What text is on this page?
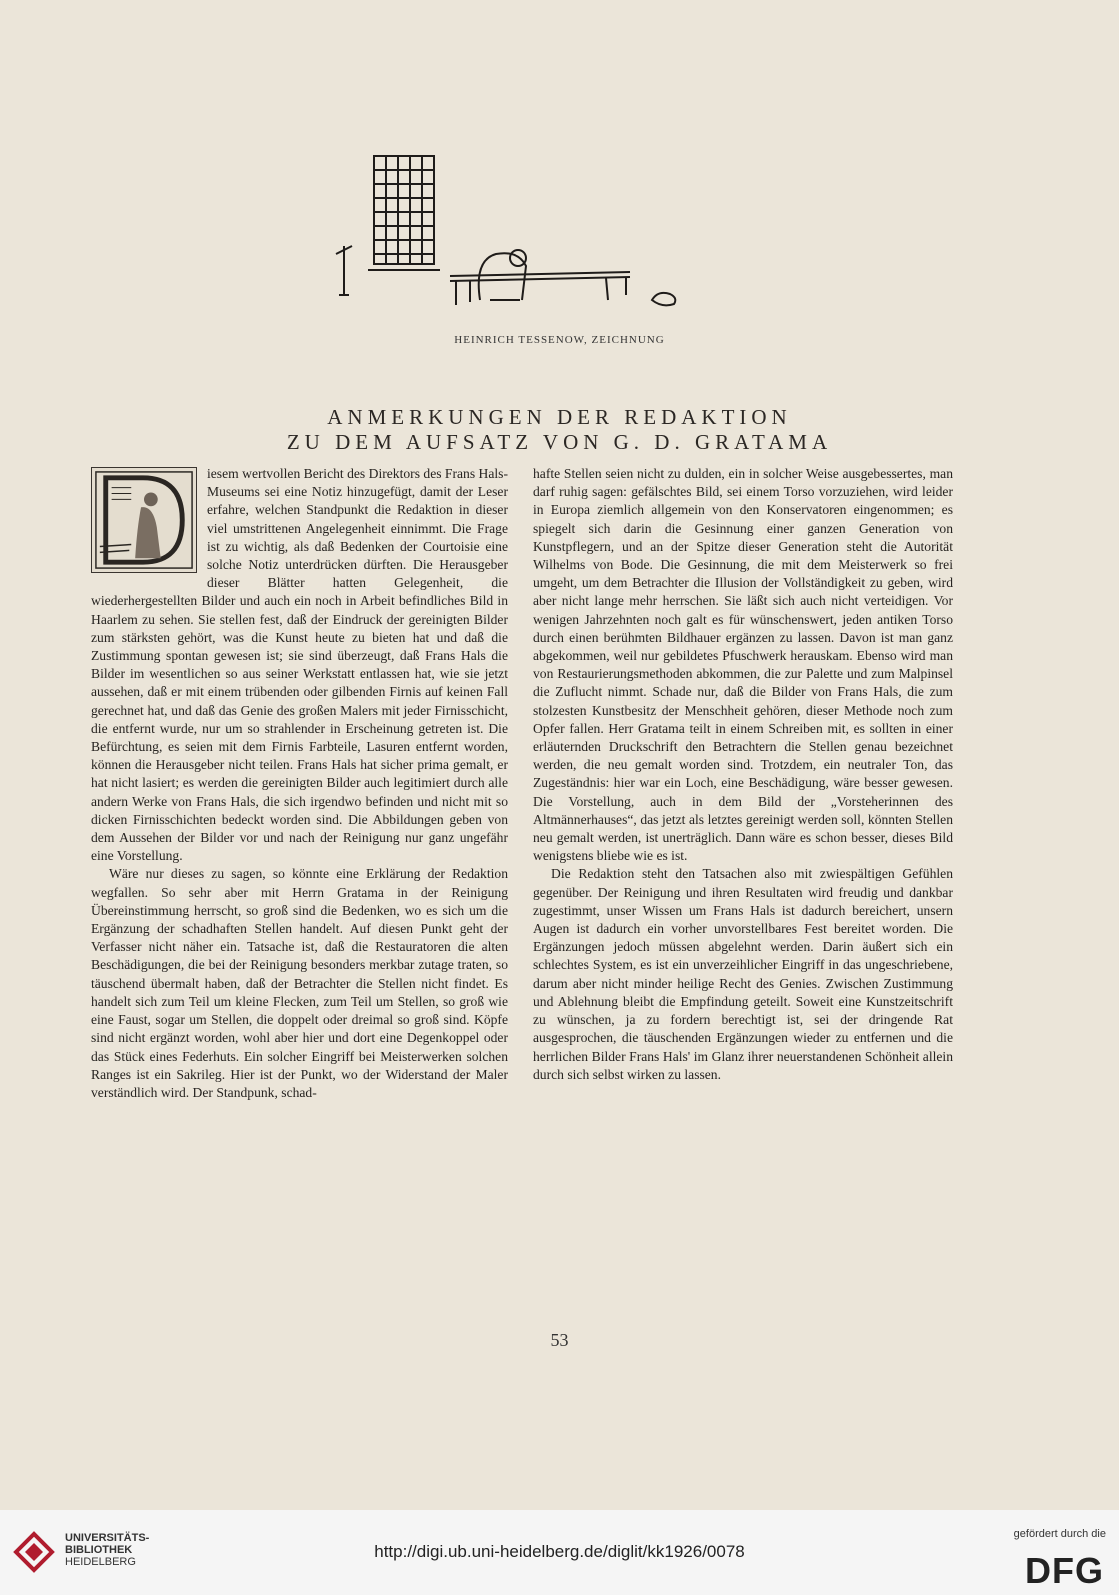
HEINRICH TESSENOW, ZEICHNUNG
ANMERKUNGEN DER REDAKTION
ZU DEM AUFSATZ VON G. D. GRATAMA

iesem wertvollen Bericht des Direktors des Frans Hals-Museums sei eine Notiz hinzugefügt, damit der Leser erfahre, welchen Standpunkt die Redaktion in dieser viel umstrittenen Angelegenheit einnimmt. Die Frage ist zu wichtig, als daß Bedenken der Courtoisie eine solche Notiz unterdrücken dürften. Die Herausgeber dieser Blätter hatten Gelegenheit, die wiederhergestellten Bilder und auch ein noch in Arbeit befindliches Bild in Haarlem zu sehen. Sie stellen fest, daß der Eindruck der gereinigten Bilder zum stärksten gehört, was die Kunst heute zu bieten hat und daß die Zustimmung spontan gewesen ist; sie sind überzeugt, daß Frans Hals die Bilder im wesentlichen so aus seiner Werkstatt entlassen hat, wie sie jetzt aussehen, daß er mit einem trübenden oder gilbenden Firnis auf keinen Fall gerechnet hat, und daß das Genie des großen Malers mit jeder Firnisschicht, die entfernt wurde, nur um so strahlender in Erscheinung getreten ist. Die Befürchtung, es seien mit dem Firnis Farbteile, Lasuren entfernt worden, können die Herausgeber nicht teilen. Frans Hals hat sicher prima gemalt, er hat nicht lasiert; es werden die gereinigten Bilder auch legitimiert durch alle andern Werke von Frans Hals, die sich irgendwo befinden und nicht mit so dicken Firnisschichten bedeckt worden sind. Die Abbildungen geben von dem Aussehen der Bilder vor und nach der Reinigung nur ganz ungefähr eine Vorstellung.

Wäre nur dieses zu sagen, so könnte eine Erklärung der Redaktion wegfallen. So sehr aber mit Herrn Gratama in der Reinigung Übereinstimmung herrscht, so groß sind die Bedenken, wo es sich um die Ergänzung der schadhaften Stellen handelt. Auf diesen Punkt geht der Verfasser nicht näher ein. Tatsache ist, daß die Restauratoren die alten Beschädigungen, die bei der Reinigung besonders merkbar zutage traten, so täuschend übermalt haben, daß der Betrachter die Stellen nicht findet. Es handelt sich zum Teil um kleine Flecken, zum Teil um Stellen, so groß wie eine Faust, sogar um Stellen, die doppelt oder dreimal so groß sind. Köpfe sind nicht ergänzt worden, wohl aber hier und dort eine Degenkoppel oder das Stück eines Federhuts. Ein solcher Eingriff bei Meisterwerken solchen Ranges ist ein Sakrileg. Hier ist der Punkt, wo der Widerstand der Maler verständlich wird. Der Standpunk, schad-

hafte Stellen seien nicht zu dulden, ein in solcher Weise ausgebessertes, man darf ruhig sagen: gefälschtes Bild, sei einem Torso vorzuziehen, wird leider in Europa ziemlich allgemein von den Konservatoren eingenommen; es spiegelt sich darin die Gesinnung einer ganzen Generation von Kunstpflegern, und an der Spitze dieser Generation steht die Autorität Wilhelms von Bode. Die Gesinnung, die mit dem Meisterwerk so frei umgeht, um dem Betrachter die Illusion der Vollständigkeit zu geben, wird aber nicht lange mehr herrschen. Sie läßt sich auch nicht verteidigen. Vor wenigen Jahrzehnten noch galt es für wünschenswert, jeden antiken Torso durch einen berühmten Bildhauer ergänzen zu lassen. Davon ist man ganz abgekommen, weil nur gebildetes Pfuschwerk herauskam. Ebenso wird man von Restaurierungsmethoden abkommen, die zur Palette und zum Malpinsel die Zuflucht nimmt. Schade nur, daß die Bilder von Frans Hals, die zum stolzesten Kunstbesitz der Menschheit gehören, dieser Methode noch zum Opfer fallen. Herr Gratama teilt in einem Schreiben mit, es sollten in einer erläuternden Druckschrift den Betrachtern die Stellen genau bezeichnet werden, die neu gemalt worden sind. Trotzdem, ein neutraler Ton, das Zugeständnis: hier war ein Loch, eine Beschädigung, wäre besser gewesen. Die Vorstellung, auch in dem Bild der „Vorsteherinnen des Altmännerhauses“, das jetzt als letztes gereinigt werden soll, könnten Stellen neu gemalt werden, ist unerträglich. Dann wäre es schon besser, dieses Bild wenigstens bliebe wie es ist.

Die Redaktion steht den Tatsachen also mit zwiespältigen Gefühlen gegenüber. Der Reinigung und ihren Resultaten wird freudig und dankbar zugestimmt, unser Wissen um Frans Hals ist dadurch bereichert, unsern Augen ist dadurch ein vorher unvorstellbares Fest bereitet worden. Die Ergänzungen jedoch müssen abgelehnt werden. Darin äußert sich ein schlechtes System, es ist ein unverzeihlicher Eingriff in das ungeschriebene, darum aber nicht minder heilige Recht des Genies. Zwischen Zustimmung und Ablehnung bleibt die Empfindung geteilt. Soweit eine Kunstzeitschrift zu wünschen, ja zu fordern berechtigt ist, sei der dringende Rat ausgesprochen, die täuschenden Ergänzungen wieder zu entfernen und die herrlichen Bilder Frans Hals' im Glanz ihrer neuerstandenen Schönheit allein durch sich selbst wirken zu lassen.

53
UNIVERSITÄTS-
BIBLIOTHEK
HEIDELBERG
http://digi.ub.uni-heidelberg.de/diglit/kk1926/0078
gefördert durch die
DFG
